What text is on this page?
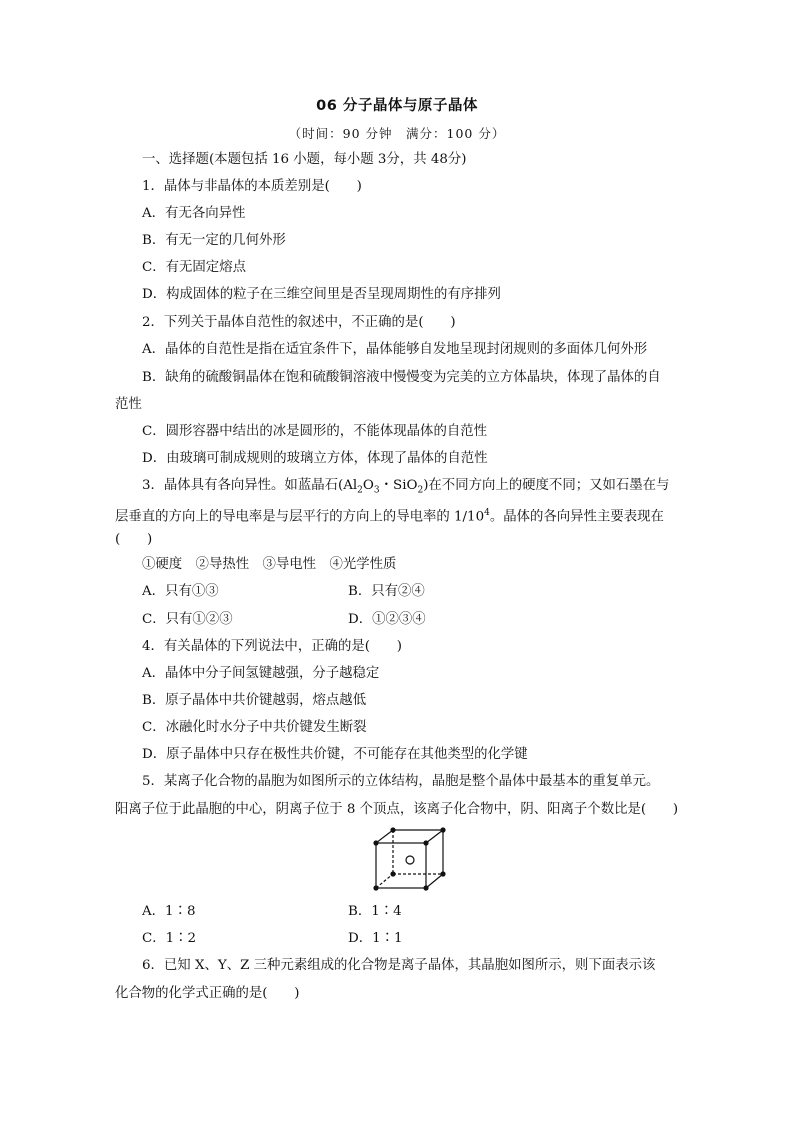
06 分子晶体与原子晶体
（时间：90 分钟　满分：100 分）
一、选择题(本题包括 16 小题，每小题 3分，共 48分)
1．晶体与非晶体的本质差别是(　　)
A．有无各向异性
B．有无一定的几何外形
C．有无固定熔点
D．构成固体的粒子在三维空间里是否呈现周期性的有序排列
2．下列关于晶体自范性的叙述中，不正确的是(　　)
A．晶体的自范性是指在适宜条件下，晶体能够自发地呈现封闭规则的多面体几何外形
B．缺角的硫酸铜晶体在饱和硫酸铜溶液中慢慢变为完美的立方体晶块，体现了晶体的自
范性
C．圆形容器中结出的冰是圆形的，不能体现晶体的自范性
D．由玻璃可制成规则的玻璃立方体，体现了晶体的自范性
3．晶体具有各向异性。如蓝晶石($Al_2O_3$・SiO$_2$)在不同方向上的硬度不同；又如石墨在与
层垂直的方向上的导电率是与层平行的方向上的导电率的 $1/10^4$。晶体的各向异性主要表现在
(　　)
①硬度　②导热性　③导电性　④光学性质
A．只有①③	B．只有②④
C．只有①②③	D．①②③④
4．有关晶体的下列说法中，正确的是(　　)
A．晶体中分子间氢键越强，分子越稳定
B．原子晶体中共价键越弱，熔点越低
C．冰融化时水分子中共价键发生断裂
D．原子晶体中只存在极性共价键，不可能存在其他类型的化学键
5．某离子化合物的晶胞为如图所示的立体结构，晶胞是整个晶体中最基本的重复单元。
阳离子位于此晶胞的中心，阴离子位于 8 个顶点，该离子化合物中，阴、阳离子个数比是(　　)
A．1∶8	B．1∶4
C．1∶2	D．1∶1
6．已知 X、Y、Z 三种元素组成的化合物是离子晶体，其晶胞如图所示，则下面表示该
化合物的化学式正确的是(　　)
